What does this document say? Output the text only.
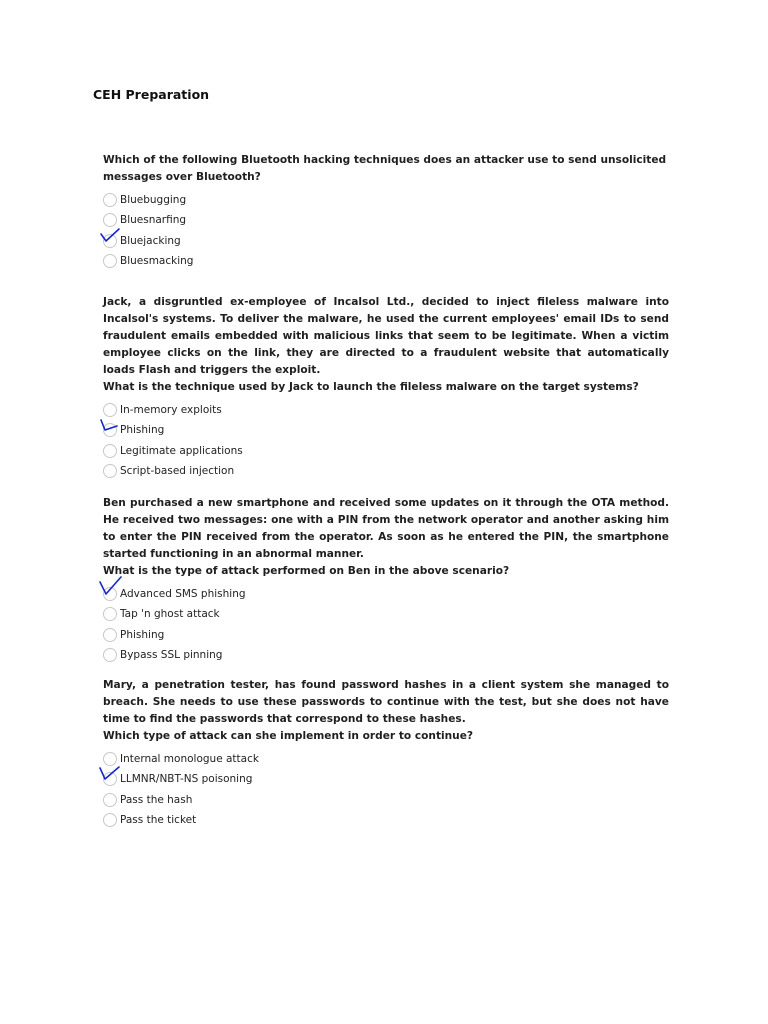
CEH Preparation

Which of the following Bluetooth hacking techniques does an attacker use to send unsolicited messages over Bluetooth?

Bluebugging
Bluesnarfing
Bluejacking
Bluesmacking

Jack, a disgruntled ex-employee of Incalsol Ltd., decided to inject fileless malware into Incalsol's systems. To deliver the malware, he used the current employees' email IDs to send fraudulent emails embedded with malicious links that seem to be legitimate. When a victim employee clicks on the link, they are directed to a fraudulent website that automatically loads Flash and triggers the exploit.

What is the technique used by Jack to launch the fileless malware on the target systems?

In-memory exploits
Phishing
Legitimate applications
Script-based injection

Ben purchased a new smartphone and received some updates on it through the OTA method. He received two messages: one with a PIN from the network operator and another asking him to enter the PIN received from the operator. As soon as he entered the PIN, the smartphone started functioning in an abnormal manner.

What is the type of attack performed on Ben in the above scenario?

Advanced SMS phishing
Tap 'n ghost attack
Phishing
Bypass SSL pinning

Mary, a penetration tester, has found password hashes in a client system she managed to breach. She needs to use these passwords to continue with the test, but she does not have time to find the passwords that correspond to these hashes.

Which type of attack can she implement in order to continue?

Internal monologue attack
LLMNR/NBT-NS poisoning
Pass the hash
Pass the ticket
